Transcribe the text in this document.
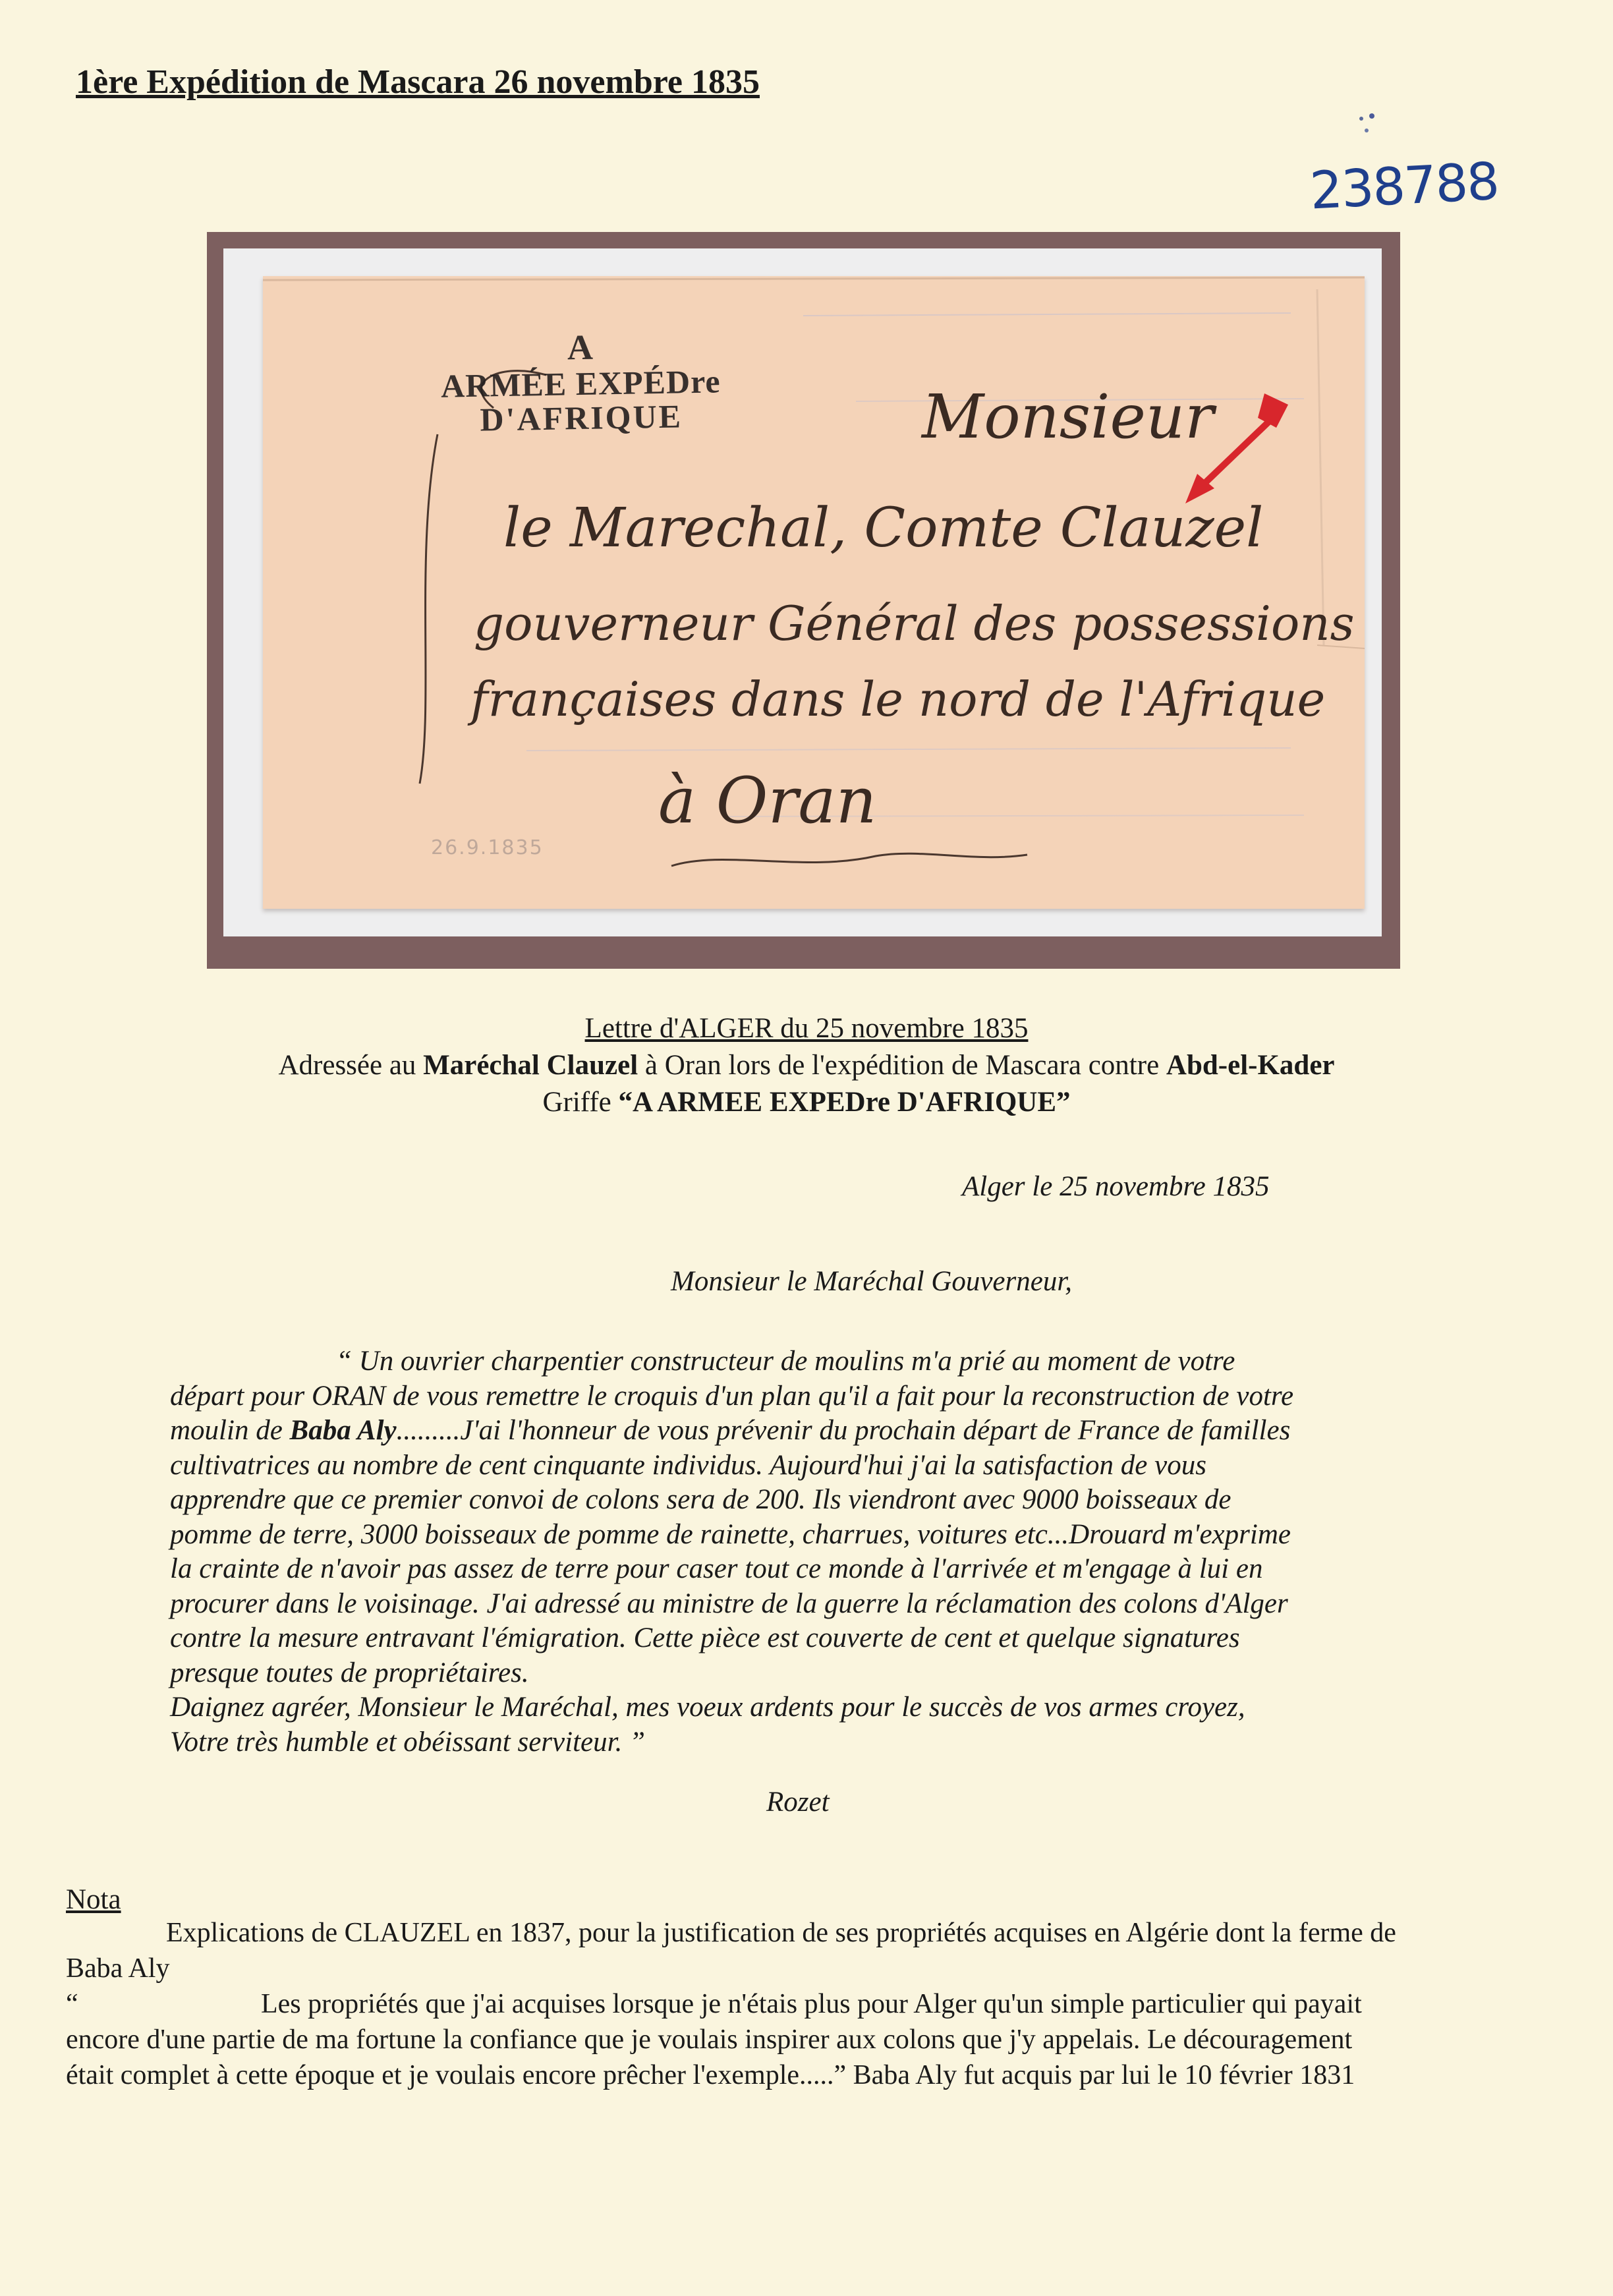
1ère Expédition de Mascara 26 novembre 1835
238788
A
ARMÉE EXPÉDre
D'AFRIQUE	Monsieur
le Marechal, Comte Clauzel
gouverneur Général des possessions
françaises dans le nord de l'Afrique
à Oran
26.9.1835

Lettre d'ALGER du 25 novembre 1835

Adressée au Maréchal Clauzel à Oran lors de l'expédition de Mascara contre Abd-el-Kader

Griffe “A ARMEE EXPEDre D'AFRIQUE”

Alger le 25 novembre 1835
Monsieur le Maréchal Gouverneur,
“ Un ouvrier charpentier constructeur de moulins m'a prié au moment de votre
départ pour ORAN de vous remettre le croquis d'un plan qu'il a fait pour la reconstruction de votre
moulin de Baba Aly.........J'ai l'honneur de vous prévenir du prochain départ de France de familles
cultivatrices au nombre de cent cinquante individus. Aujourd'hui j'ai la satisfaction de vous
apprendre que ce premier convoi de colons sera de 200. Ils viendront avec 9000 boisseaux de
pomme de terre, 3000 boisseaux de pomme de rainette, charrues, voitures etc...Drouard m'exprime
la crainte de n'avoir pas assez de terre pour caser tout ce monde à l'arrivée et m'engage à lui en
procurer dans le voisinage. J'ai adressé au ministre de la guerre la réclamation des colons d'Alger
contre la mesure entravant l'émigration. Cette pièce est couverte de cent et quelque signatures
presque toutes de propriétaires.
Daignez agréer, Monsieur le Maréchal, mes voeux ardents pour le succès de vos armes croyez,
Votre très humble et obéissant serviteur. ”
Rozet
Nota
Explications de CLAUZEL en 1837, pour la justification de ses propriétés acquises en Algérie dont la ferme de
Baba Aly
“	Les propriétés que j'ai acquises lorsque je n'étais plus pour Alger qu'un simple particulier qui payait
encore d'une partie de ma fortune la confiance que je voulais inspirer aux colons que j'y appelais. Le découragement
était complet à cette époque et je voulais encore prêcher l'exemple.....” Baba Aly fut acquis par lui le 10 février 1831
